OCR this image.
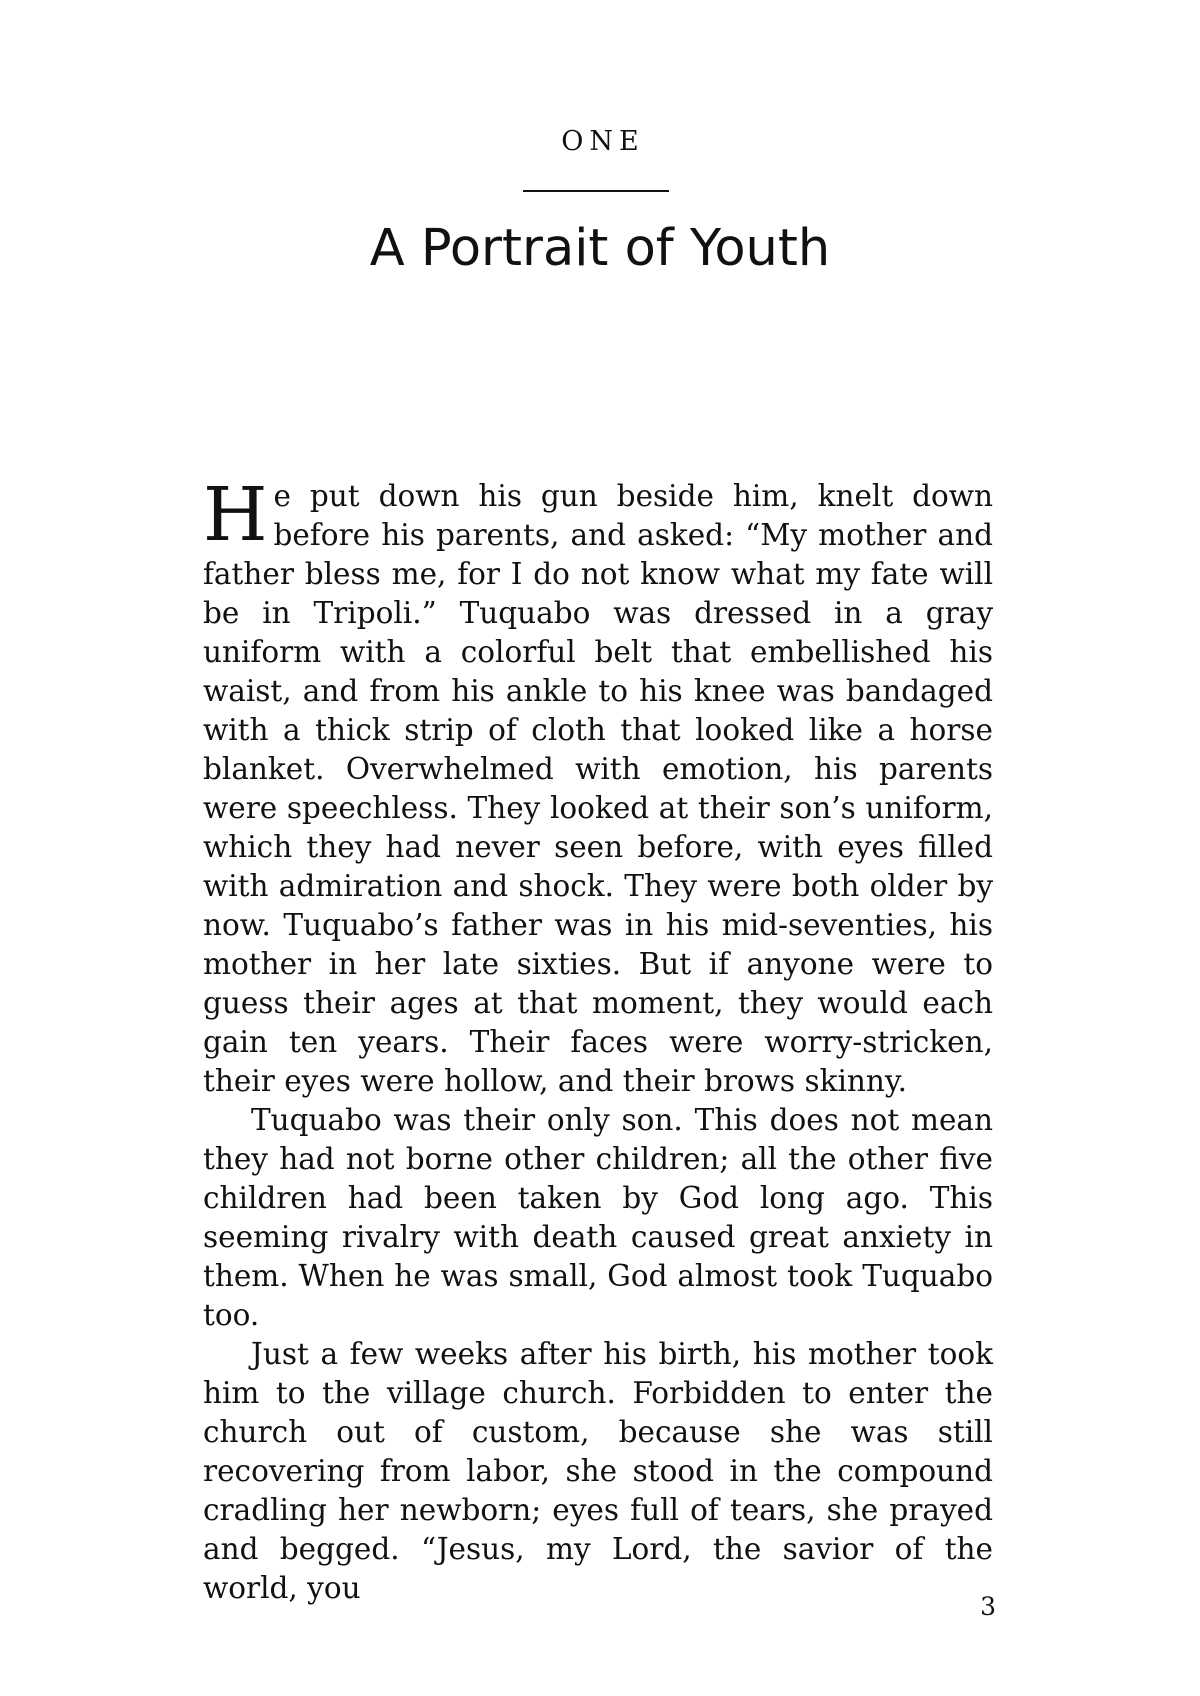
ONE
A Portrait of Youth

He put down his gun beside him, knelt down before his parents, and asked: “My mother and father bless me, for I do not know what my fate will be in Tripoli.” Tuquabo was dressed in a gray uniform with a colorful belt that embellished his waist, and from his ankle to his knee was bandaged with a thick strip of cloth that looked like a horse blanket. Overwhelmed with emotion, his parents were speechless. They looked at their son’s uniform, which they had never seen before, with eyes filled with admiration and shock. They were both older by now. Tuquabo’s father was in his mid-seventies, his mother in her late sixties. But if anyone were to guess their ages at that moment, they would each gain ten years. Their faces were worry-stricken, their eyes were hollow, and their brows skinny.

Tuquabo was their only son. This does not mean they had not borne other children; all the other five children had been taken by God long ago. This seeming rivalry with death caused great anxiety in them. When he was small, God almost took Tuquabo too.

Just a few weeks after his birth, his mother took him to the village church. Forbidden to enter the church out of custom, because she was still recovering from labor, she stood in the compound cradling her newborn; eyes full of tears, she prayed and begged. “Jesus, my Lord, the savior of the world, you

3
